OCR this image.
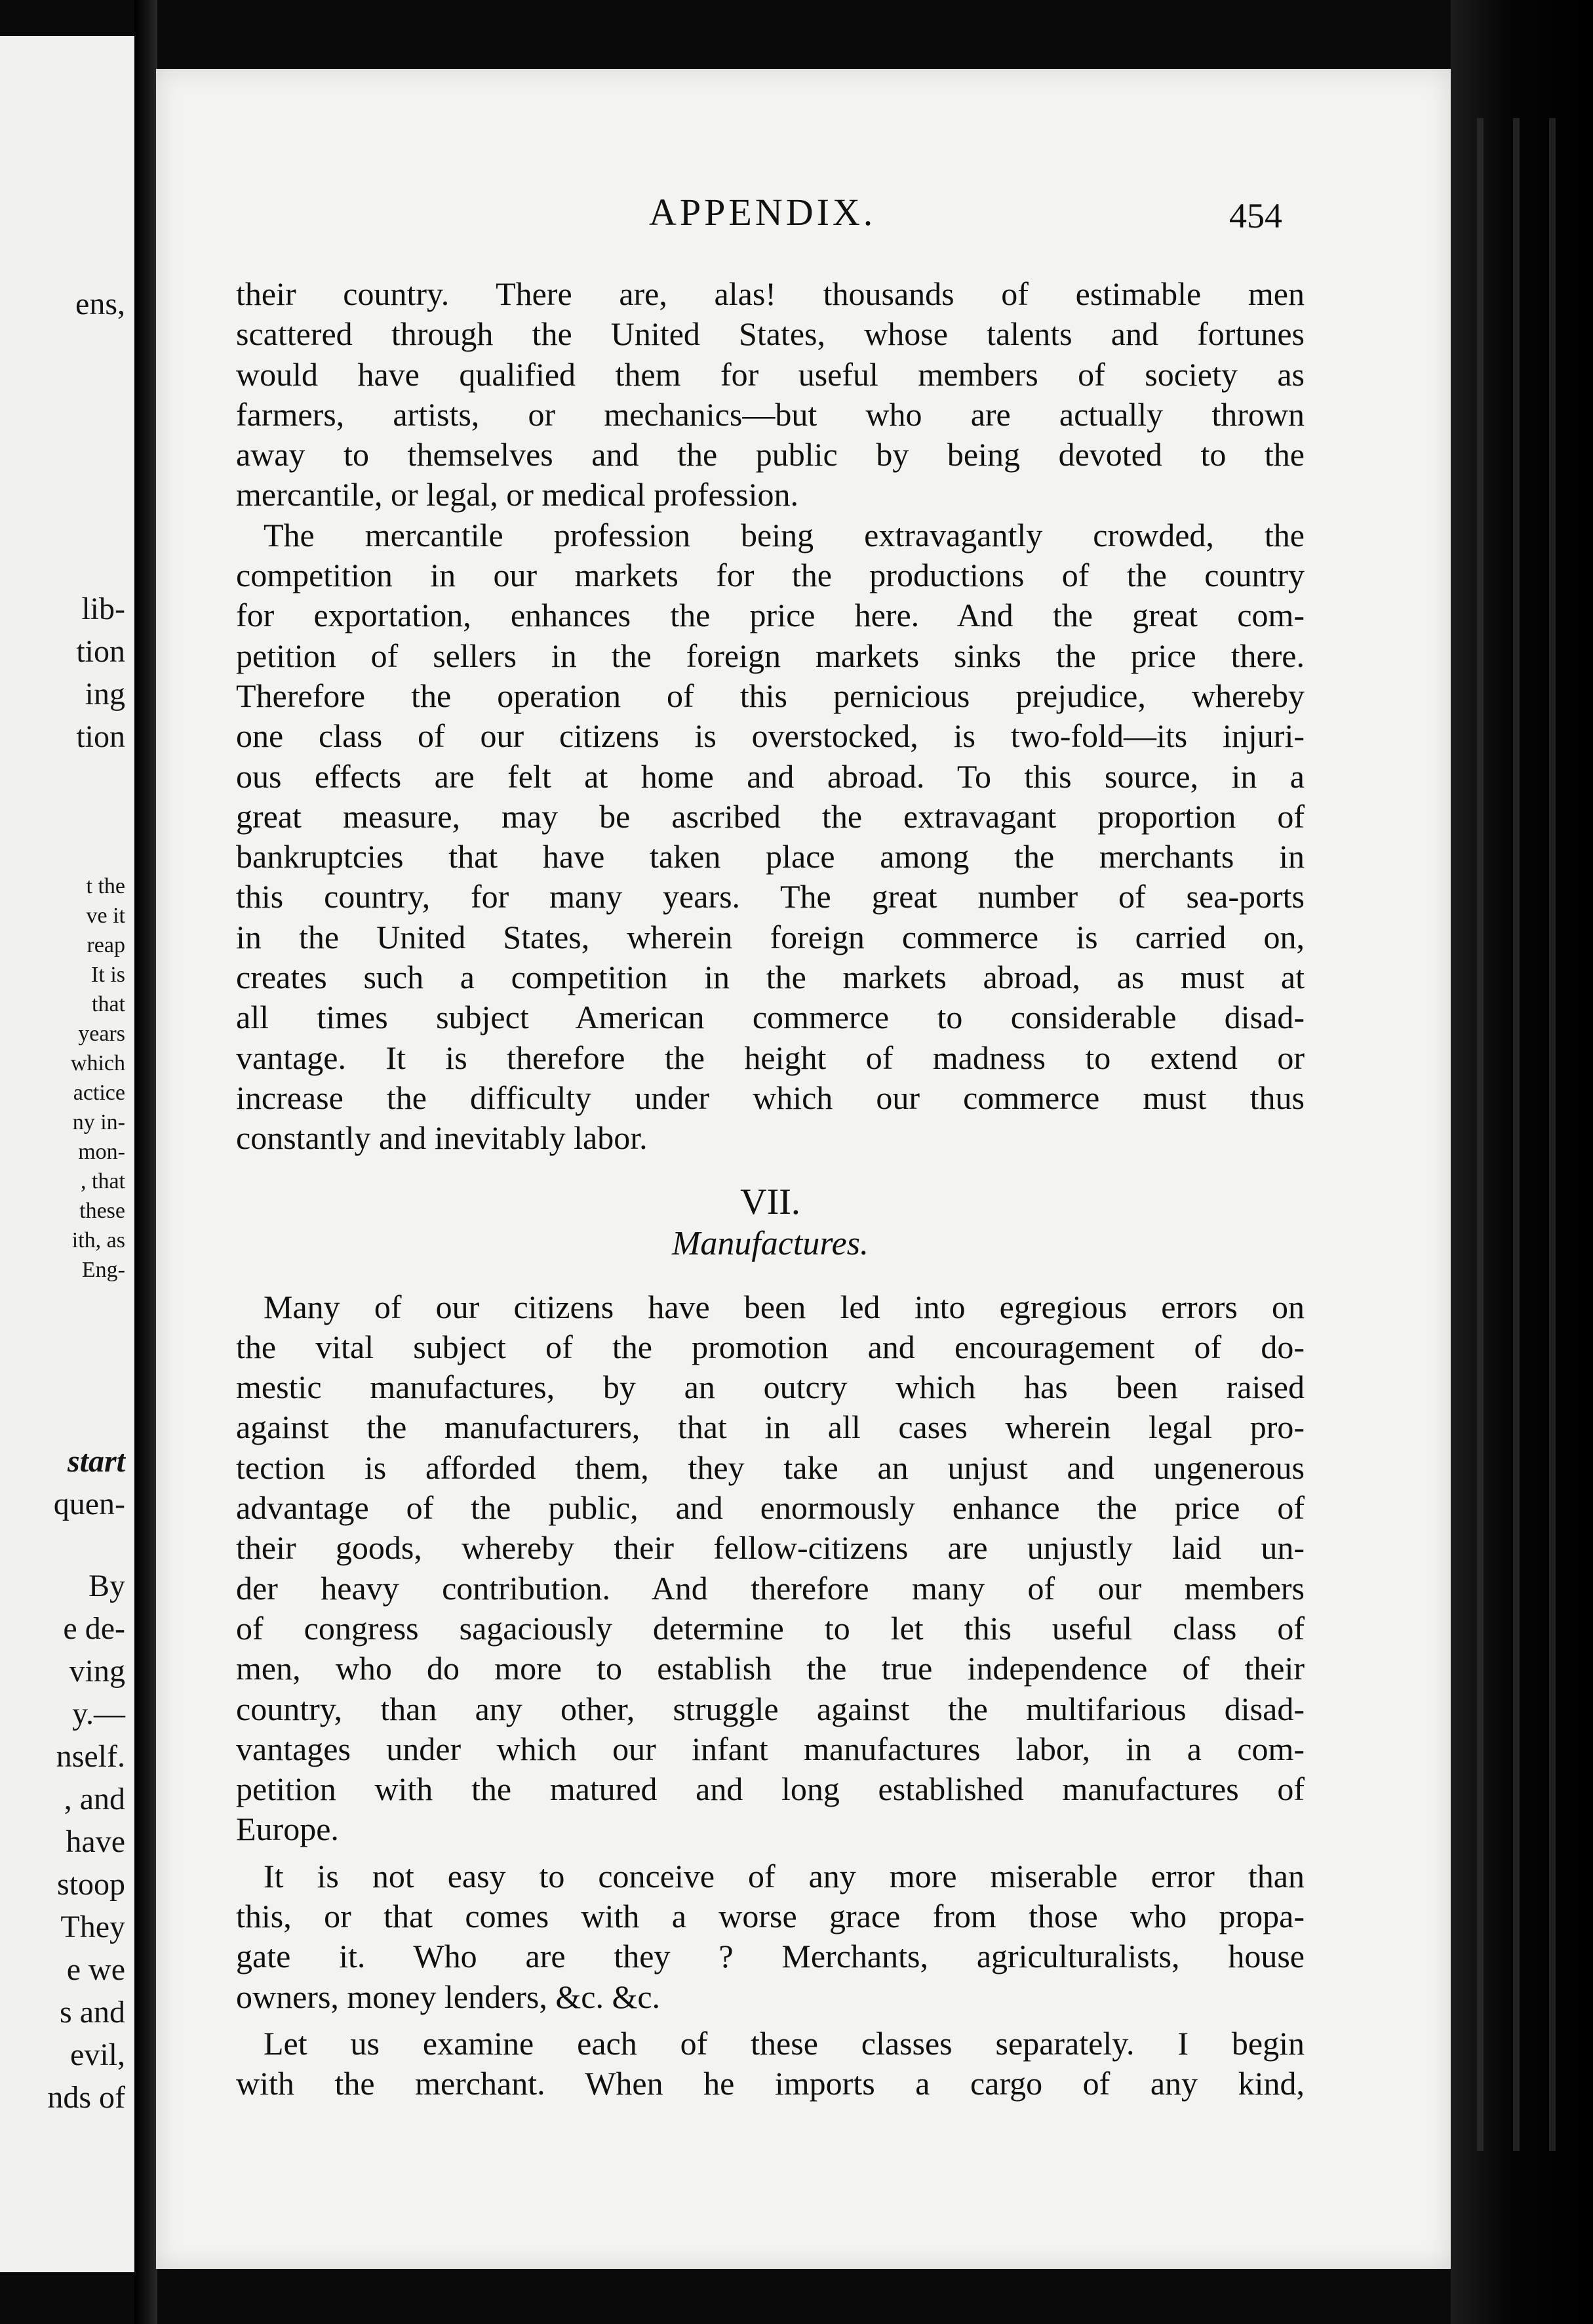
ens,
lib-
tion
ing
tion
t the
ve it
reap
It is
that
years
which
actice
ny in-
mon-
, that
these
ith, as
Eng-
start
quen-
By
e de-
ving
y.—
nself.
, and
have
stoop
They
e we
s and
evil,
nds of
APPENDIX.	454
their country. There are, alas! thousands of estimable men
scattered through the United States, whose talents and fortunes
would have qualified them for useful members of society as
farmers, artists, or mechanics—but who are actually thrown
away to themselves and the public by being devoted to the
mercantile, or legal, or medical profession.
The mercantile profession being extravagantly crowded, the
competition in our markets for the productions of the country
for exportation, enhances the price here. And the great com-
petition of sellers in the foreign markets sinks the price there.
Therefore the operation of this pernicious prejudice, whereby
one class of our citizens is overstocked, is two-fold—its injuri-
ous effects are felt at home and abroad. To this source, in a
great measure, may be ascribed the extravagant proportion of
bankruptcies that have taken place among the merchants in
this country, for many years. The great number of sea-ports
in the United States, wherein foreign commerce is carried on,
creates such a competition in the markets abroad, as must at
all times subject American commerce to considerable disad-
vantage. It is therefore the height of madness to extend or
increase the difficulty under which our commerce must thus
constantly and inevitably labor.
VII.
Manufactures.
Many of our citizens have been led into egregious errors on
the vital subject of the promotion and encouragement of do-
mestic manufactures, by an outcry which has been raised
against the manufacturers, that in all cases wherein legal pro-
tection is afforded them, they take an unjust and ungenerous
advantage of the public, and enormously enhance the price of
their goods, whereby their fellow-citizens are unjustly laid un-
der heavy contribution. And therefore many of our members
of congress sagaciously determine to let this useful class of
men, who do more to establish the true independence of their
country, than any other, struggle against the multifarious disad-
vantages under which our infant manufactures labor, in a com-
petition with the matured and long established manufactures of
Europe.
It is not easy to conceive of any more miserable error than
this, or that comes with a worse grace from those who propa-
gate it. Who are they ? Merchants, agriculturalists, house
owners, money lenders, &c. &c.
Let us examine each of these classes separately. I begin
with the merchant. When he imports a cargo of any kind,
